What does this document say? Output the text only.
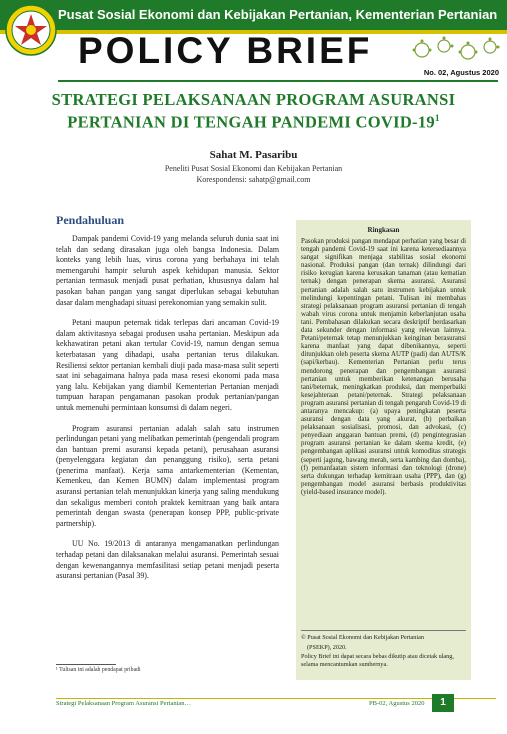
Pusat Sosial Ekonomi dan Kebijakan Pertanian, Kementerian Pertanian
POLICY BRIEF
No. 02, Agustus 2020
STRATEGI PELAKSANAAN PROGRAM ASURANSI PERTANIAN DI TENGAH PANDEMI COVID-$19^1$
Sahat M. Pasaribu
Peneliti Pusat Sosial Ekonomi dan Kebijakan Pertanian
Korespondensi: sahatp@gmail.com
Pendahuluan

Dampak pandemi Covid-19 yang melanda seluruh dunia saat ini telah dan sedang dirasakan juga oleh bangsa Indonesia. Dalam konteks yang lebih luas, virus corona yang berbahaya ini telah memengaruhi hampir seluruh aspek kehidupan manusia. Sektor pertanian termasuk menjadi pusat perhatian, khususnya dalam hal pasokan bahan pangan yang sangat diperlukan sebagai kebutuhan dasar dalam menghadapi situasi perekonomian yang semakin sulit.

Petani maupun peternak tidak terlepas dari ancaman Covid-19 dalam aktivitasnya sebagai produsen usaha pertanian. Meskipun ada kekhawatiran petani akan tertular Covid-19, namun dengan semua keterbatasan yang dihadapi, usaha pertanian terus dilakukan. Resiliensi sektor pertanian kembali diuji pada masa-masa sulit seperti saat ini sebagaimana halnya pada masa resesi ekonomi pada masa yang lalu. Kebijakan yang diambil Kementerian Pertanian menjadi tumpuan harapan pengamanan pasokan produk pertanian/pangan untuk memenuhi permintaan konsumsi di dalam negeri.

Program asuransi pertanian adalah salah satu instrumen perlindungan petani yang melibatkan pemerintah (pengendali program dan bantuan premi asuransi kepada petani), perusahaan asuransi (penyelenggara kegiatan dan penanggung risiko), serta petani (penerima manfaat). Kerja sama antarkementerian (Kementan, Kemenkeu, dan Kemen BUMN) dalam implementasi program asuransi pertanian telah menunjukkan kinerja yang saling mendukung dan sekaligus memberi contoh praktek kemitraan yang baik antara pemerintah dengan swasta (penerapan konsep PPP, public-private partnership).

UU No. 19/2013 di antaranya mengamanatkan perlindungan terhadap petani dan dilaksanakan melalui asuransi. Pemerintah sesuai dengan kewenangannya memfasilitasi setiap petani menjadi peserta asuransi pertanian (Pasal 39).

¹ Tulisan ini adalah pendapat pribadi
Ringkasan
Pasokan produksi pangan mendapat perhatian yang besar di tengah pandemi Covid-19 saat ini karena ketersediaannya sangat signifikan menjaga stabilitas sosial ekonomi nasional. Produksi pangan (dan ternak) dilindungi dari risiko kerugian karena kerusakan tanaman (atau kematian ternak) dengan penerapan skema asuransi. Asuransi pertanian adalah salah satu instrumen kebijakan untuk melindungi kepentingan petani. Tulisan ini membahas strategi pelaksanaan program asuransi pertanian di tengah wabah virus corona untuk menjamin keberlanjutan usaha tani. Pembahasan dilakukan secara deskriptif berdasarkan data sekunder dengan informasi yang relevan lainnya. Petani/peternak tetap menunjukkan keinginan berasuransi karena manfaat yang dapat dibenikannya, seperti ditunjukkan oleh peserta skema AUTP (padi) dan AUTS/K (sapi/kerbau). Kementerian Pertanian perlu terus mendorong penerapan dan pengembangan asuransi pertanian untuk memberikan ketenangan berusaha tani/beternak, meningkatkan produksi, dan memperbaiki kesejahteraan petani/peternak. Strategi pelaksanaan program asuransi pertanian di tengah pengaruh Covid-19 di antaranya mencakup: (a) upaya peningkatan peserta asuransi dengan data yang akurat, (b) perbaikan pelaksanaan sosialisasi, promosi, dan advokasi, (c) penyediaan anggaran bantuan premi, (d) pengintegrasian program asuransi pertanian ke dalam skema kredit, (e) pengembangan aplikasi asuransi untuk komoditas strategis (seperti jagung, bawang merah, serta kambing dan domba), (f) pemanfaatan sistem informasi dan teknologi (drone) serta dukungan terhadap kemitraan usaha (PPP), dan (g) pengembangan model asuransi berbasis produktivitas (yield-based insurance model).

© Pusat Sosial Ekonomi dan Kebijakan Pertanian

(PSEKP), 2020.

Policy Brief ini dapat secara bebas dikutip atau dicetak ulang, selama mencantumkan sumbernya.

Strategi Pelaksanaan Program Asuransi Pertanian…	PB-02, Agustus 2020	1
